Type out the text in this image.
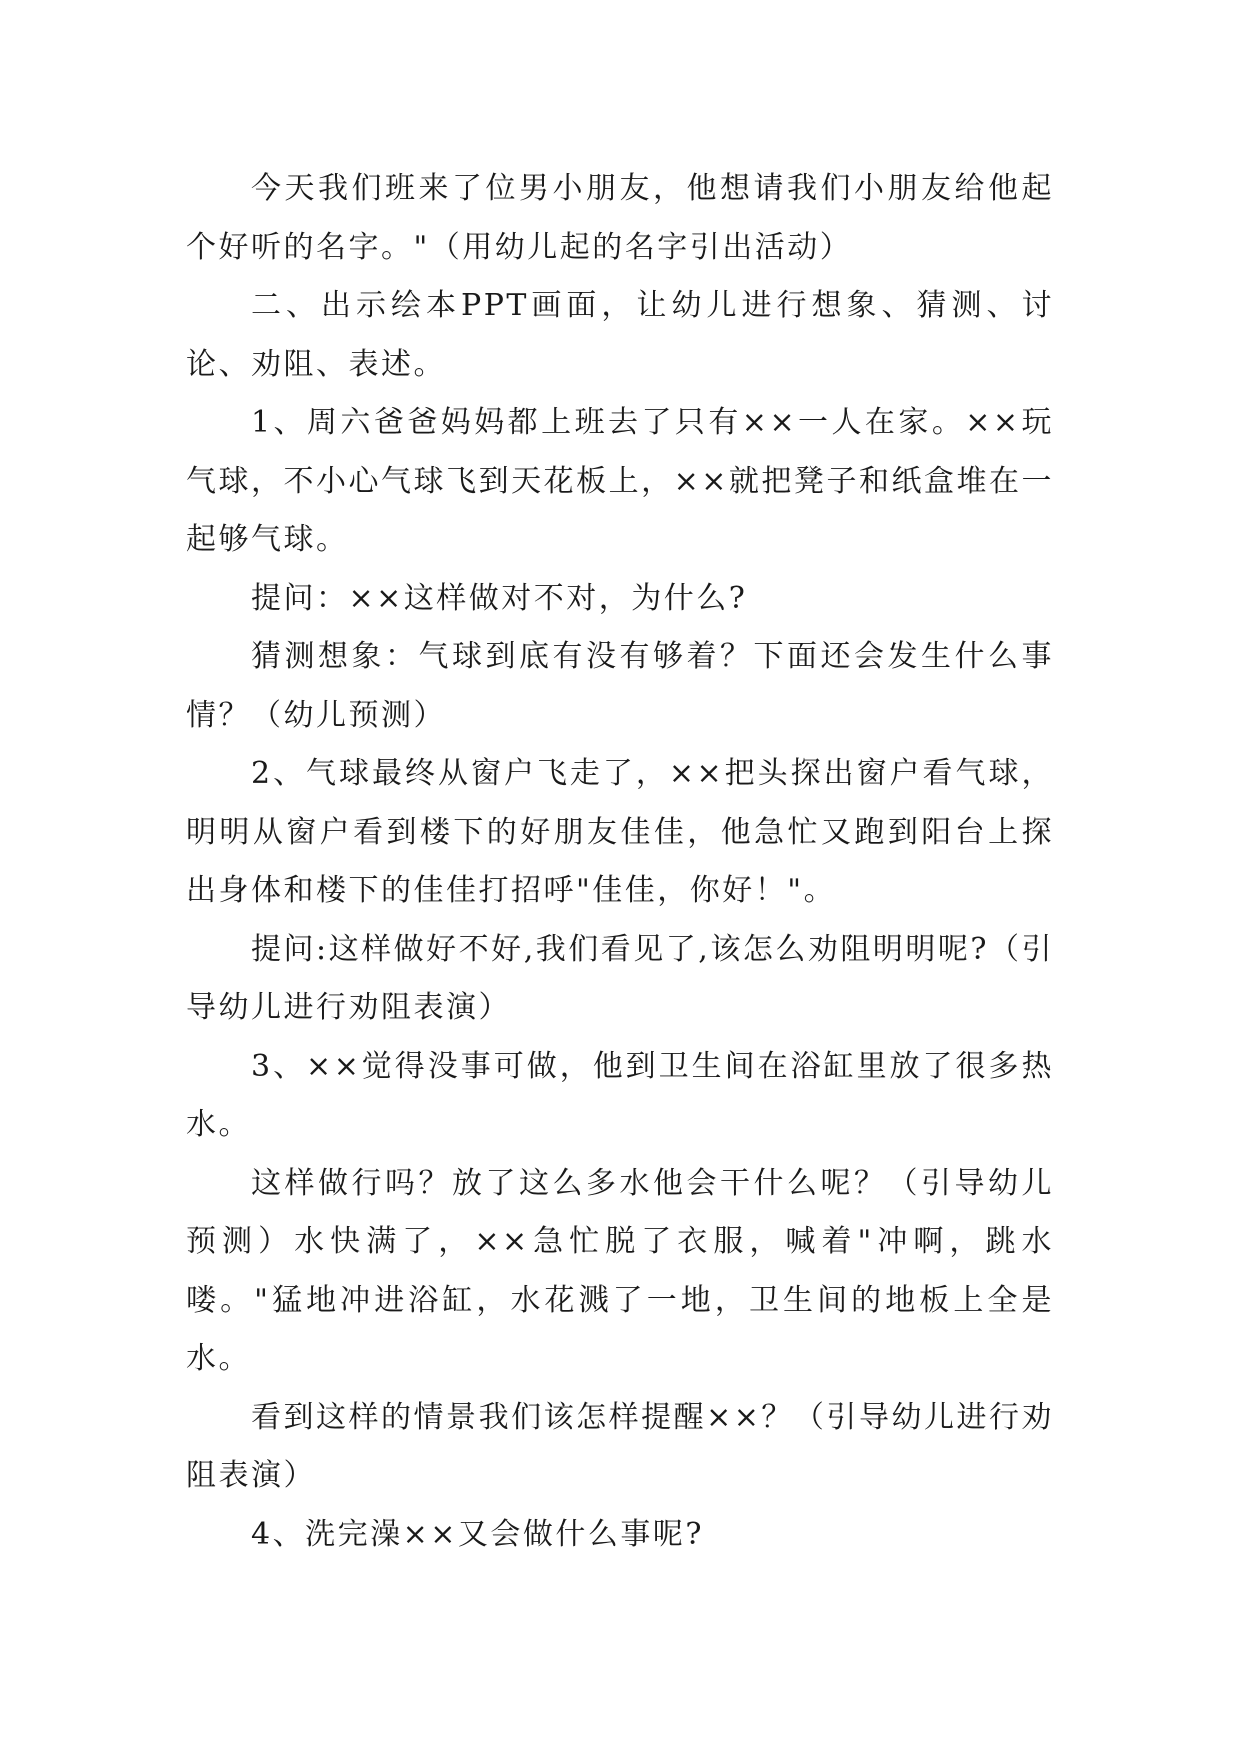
今天我们班来了位男小朋友，他想请我们小朋友给他起个好听的名字。"（用幼儿起的名字引出活动）

二、出示绘本PPT画面，让幼儿进行想象、猜测、讨论、劝阻、表述。

1、周六爸爸妈妈都上班去了只有××一人在家。××玩气球，不小心气球飞到天花板上，××就把凳子和纸盒堆在一起够气球。

提问：××这样做对不对，为什么?

猜测想象：气球到底有没有够着？下面还会发生什么事情？（幼儿预测）

2、气球最终从窗户飞走了，××把头探出窗户看气球，明明从窗户看到楼下的好朋友佳佳，他急忙又跑到阳台上探出身体和楼下的佳佳打招呼"佳佳，你好！"。

提问:这样做好不好,我们看见了,该怎么劝阻明明呢?（引导幼儿进行劝阻表演）

3、××觉得没事可做，他到卫生间在浴缸里放了很多热水。

这样做行吗？放了这么多水他会干什么呢？（引导幼儿预测）水快满了，××急忙脱了衣服，喊着"冲啊，跳水喽。"猛地冲进浴缸，水花溅了一地，卫生间的地板上全是水。

看到这样的情景我们该怎样提醒××？（引导幼儿进行劝阻表演）

4、洗完澡××又会做什么事呢?
